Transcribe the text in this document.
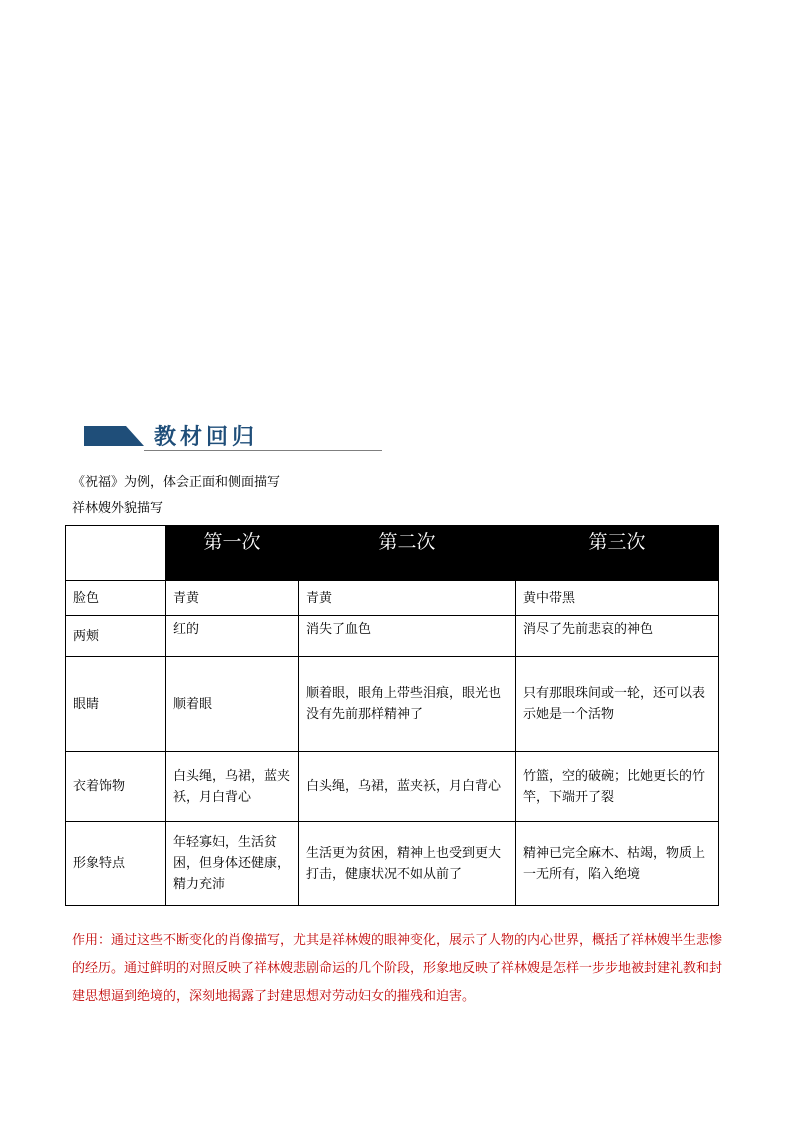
教材回归
《祝福》为例，体会正面和侧面描写
祥林嫂外貌描写
	第一次	第二次	第三次
脸色	青黄	青黄	黄中带黑
两颊	红的	消失了血色	消尽了先前悲哀的神色
眼睛	顺着眼	顺着眼，眼角上带些泪痕，眼光也没有先前那样精神了	只有那眼珠间或一轮，还可以表示她是一个活物
衣着饰物	白头绳，乌裙，蓝夹袄，月白背心	白头绳，乌裙，蓝夹袄，月白背心	竹篮，空的破碗；比她更长的竹竿，下端开了裂
形象特点	年轻寡妇，生活贫困，但身体还健康，精力充沛	生活更为贫困，精神上也受到更大打击，健康状况不如从前了	精神已完全麻木、枯竭，物质上一无所有，陷入绝境
作用：通过这些不断变化的肖像描写，尤其是祥林嫂的眼神变化，展示了人物的内心世界，概括了祥林嫂半生悲惨的经历。通过鲜明的对照反映了祥林嫂悲剧命运的几个阶段，形象地反映了祥林嫂是怎样一步步地被封建礼教和封建思想逼到绝境的，深刻地揭露了封建思想对劳动妇女的摧残和迫害。
